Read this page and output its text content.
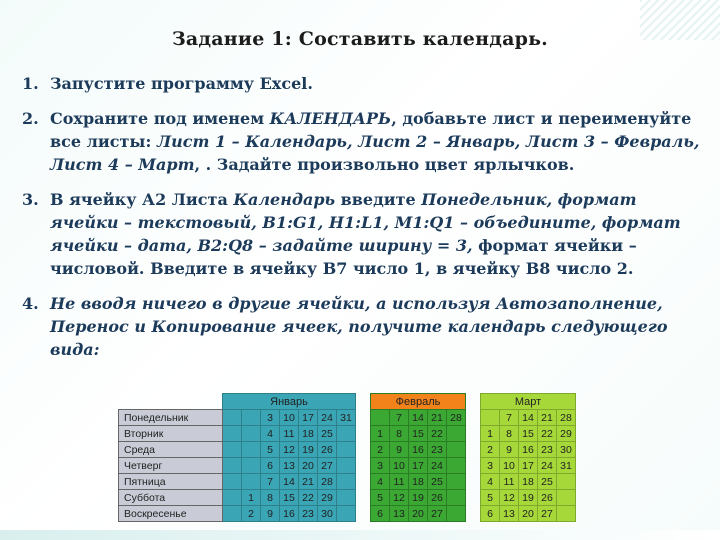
Задание 1: Составить календарь.
1. Запустите программу Excel.
2. Сохраните под именем КАЛЕНДАРЬ, добавьте лист и переименуйте все листы: Лист 1 – Календарь, Лист 2 – Январь, Лист 3 – Февраль, Лист 4 – Март, . Задайте произвольно цвет ярлычков.
3. В ячейку А2 Листа Календарь введите Понедельник, формат ячейки – текстовый, В1:G1, H1:L1, M1:Q1 – объедините, формат ячейки – дата, В2:Q8 – задайте ширину = 3, формат ячейки – числовой. Введите в ячейку B7 число 1, в ячейку B8 число 2.
4. Не вводя ничего в другие ячейки, а используя Автозаполнение, Перенос и Копирование ячеек, получите календарь следующего вида:
	Январь								Февраль						Март				
Понедельник			3	10	17	24	31			7	14	21	28			7	14	21	28
Вторник			4	11	18	25			1	8	15	22			1	8	15	22	29
Среда			5	12	19	26			2	9	16	23			2	9	16	23	30
Четверг			6	13	20	27			3	10	17	24			3	10	17	24	31
Пятница			7	14	21	28			4	11	18	25			4	11	18	25	
Суббота		1	8	15	22	29			5	12	19	26			5	12	19	26	
Воскресенье		2	9	16	23	30			6	13	20	27			6	13	20	27	
